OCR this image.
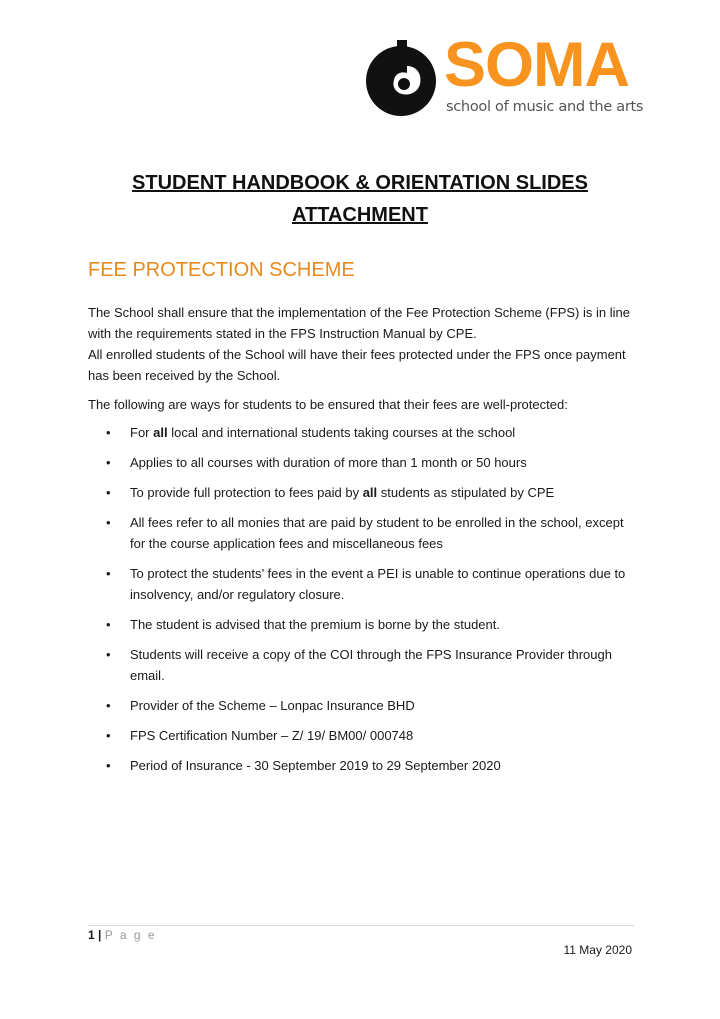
SOMA
school of music and the arts
STUDENT HANDBOOK & ORIENTATION SLIDES
ATTACHMENT
FEE PROTECTION SCHEME
The School shall ensure that the implementation of the Fee Protection Scheme (FPS) is in line with the requirements stated in the FPS Instruction Manual by CPE.
All enrolled students of the School will have their fees protected under the FPS once payment has been received by the School.
The following are ways for students to be ensured that their fees are well-protected:
• For all local and international students taking courses at the school
• Applies to all courses with duration of more than 1 month or 50 hours
• To provide full protection to fees paid by all students as stipulated by CPE
• All fees refer to all monies that are paid by student to be enrolled in the school, except for the course application fees and miscellaneous fees
• To protect the students’ fees in the event a PEI is unable to continue operations due to insolvency, and/or regulatory closure.
• The student is advised that the premium is borne by the student.
• Students will receive a copy of the COI through the FPS Insurance Provider through email.
• Provider of the Scheme – Lonpac Insurance BHD
• FPS Certification Number – Z/ 19/ BM00/ 000748
• Period of Insurance - 30 September 2019 to 29 September 2020
1 | P a g e
11 May 2020
